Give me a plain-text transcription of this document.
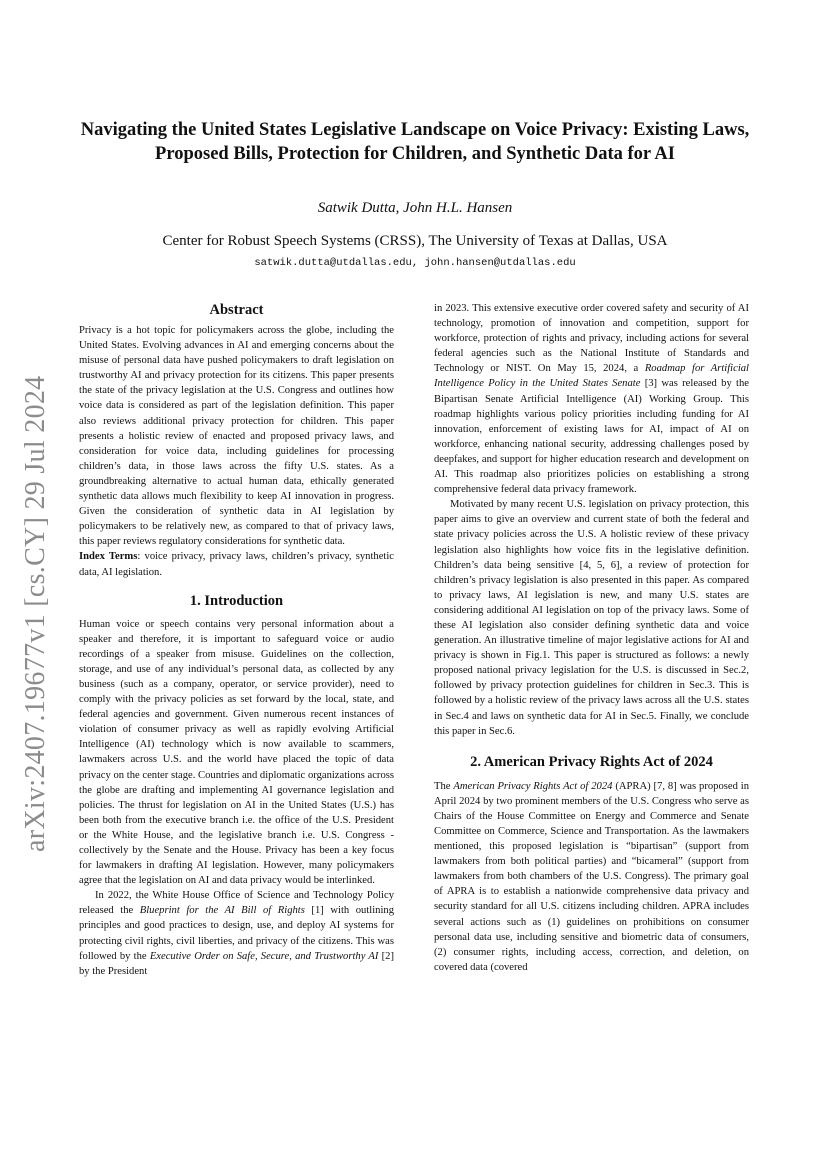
arXiv:2407.19677v1 [cs.CY] 29 Jul 2024
Navigating the United States Legislative Landscape on Voice Privacy: Existing Laws, Proposed Bills, Protection for Children, and Synthetic Data for AI
Satwik Dutta, John H.L. Hansen
Center for Robust Speech Systems (CRSS), The University of Texas at Dallas, USA
satwik.dutta@utdallas.edu, john.hansen@utdallas.edu
Abstract

Privacy is a hot topic for policymakers across the globe, including the United States. Evolving advances in AI and emerging concerns about the misuse of personal data have pushed policymakers to draft legislation on trustworthy AI and privacy protection for its citizens. This paper presents the state of the privacy legislation at the U.S. Congress and outlines how voice data is considered as part of the legislation definition. This paper also reviews additional privacy protection for children. This paper presents a holistic review of enacted and proposed privacy laws, and consideration for voice data, including guidelines for processing children’s data, in those laws across the fifty U.S. states. As a groundbreaking alternative to actual human data, ethically generated synthetic data allows much flexibility to keep AI innovation in progress. Given the consideration of synthetic data in AI legislation by policymakers to be relatively new, as compared to that of privacy laws, this paper reviews regulatory considerations for synthetic data.

Index Terms: voice privacy, privacy laws, children’s privacy, synthetic data, AI legislation.

1. Introduction

Human voice or speech contains very personal information about a speaker and therefore, it is important to safeguard voice or audio recordings of a speaker from misuse. Guidelines on the collection, storage, and use of any individual’s personal data, as collected by any business (such as a company, operator, or service provider), need to comply with the privacy policies as set forward by the local, state, and federal agencies and government. Given numerous recent instances of violation of consumer privacy as well as rapidly evolving Artificial Intelligence (AI) technology which is now available to scammers, lawmakers across U.S. and the world have placed the topic of data privacy on the center stage. Countries and diplomatic organizations across the globe are drafting and implementing AI governance legislation and policies. The thrust for legislation on AI in the United States (U.S.) has been both from the executive branch i.e. the office of the U.S. President or the White House, and the legislative branch i.e. U.S. Congress - collectively by the Senate and the House. Privacy has been a key focus for lawmakers in drafting AI legislation. However, many policymakers agree that the legislation on AI and data privacy would be interlinked.

In 2022, the White House Office of Science and Technology Policy released the Blueprint for the AI Bill of Rights [1] with outlining principles and good practices to design, use, and deploy AI systems for protecting civil rights, civil liberties, and privacy of the citizens. This was followed by the Executive Order on Safe, Secure, and Trustworthy AI [2] by the President

in 2023. This extensive executive order covered safety and security of AI technology, promotion of innovation and competition, support for workforce, protection of rights and privacy, including actions for several federal agencies such as the National Institute of Standards and Technology or NIST. On May 15, 2024, a Roadmap for Artificial Intelligence Policy in the United States Senate [3] was released by the Bipartisan Senate Artificial Intelligence (AI) Working Group. This roadmap highlights various policy priorities including funding for AI innovation, enforcement of existing laws for AI, impact of AI on workforce, enhancing national security, addressing challenges posed by deepfakes, and support for higher education research and development on AI. This roadmap also prioritizes policies on establishing a strong comprehensive federal data privacy framework.

Motivated by many recent U.S. legislation on privacy protection, this paper aims to give an overview and current state of both the federal and state privacy policies across the U.S. A holistic review of these privacy legislation also highlights how voice fits in the legislative definition. Children’s data being sensitive [4, 5, 6], a review of protection for children’s privacy legislation is also presented in this paper. As compared to privacy laws, AI legislation is new, and many U.S. states are considering additional AI legislation on top of the privacy laws. Some of these AI legislation also consider defining synthetic data and voice generation. An illustrative timeline of major legislative actions for AI and privacy is shown in Fig.1. This paper is structured as follows: a newly proposed national privacy legislation for the U.S. is discussed in Sec.2, followed by privacy protection guidelines for children in Sec.3. This is followed by a holistic review of the privacy laws across all the U.S. states in Sec.4 and laws on synthetic data for AI in Sec.5. Finally, we conclude this paper in Sec.6.

2. American Privacy Rights Act of 2024

The American Privacy Rights Act of 2024 (APRA) [7, 8] was proposed in April 2024 by two prominent members of the U.S. Congress who serve as Chairs of the House Committee on Energy and Commerce and Senate Committee on Commerce, Science and Transportation. As the lawmakers mentioned, this proposed legislation is “bipartisan” (support from lawmakers from both political parties) and “bicameral” (support from lawmakers from both chambers of the U.S. Congress). The primary goal of APRA is to establish a nationwide comprehensive data privacy and security standard for all U.S. citizens including children. APRA includes several actions such as (1) guidelines on prohibitions on consumer personal data use, including sensitive and biometric data of consumers, (2) consumer rights, including access, correction, and deletion, on covered data (covered
